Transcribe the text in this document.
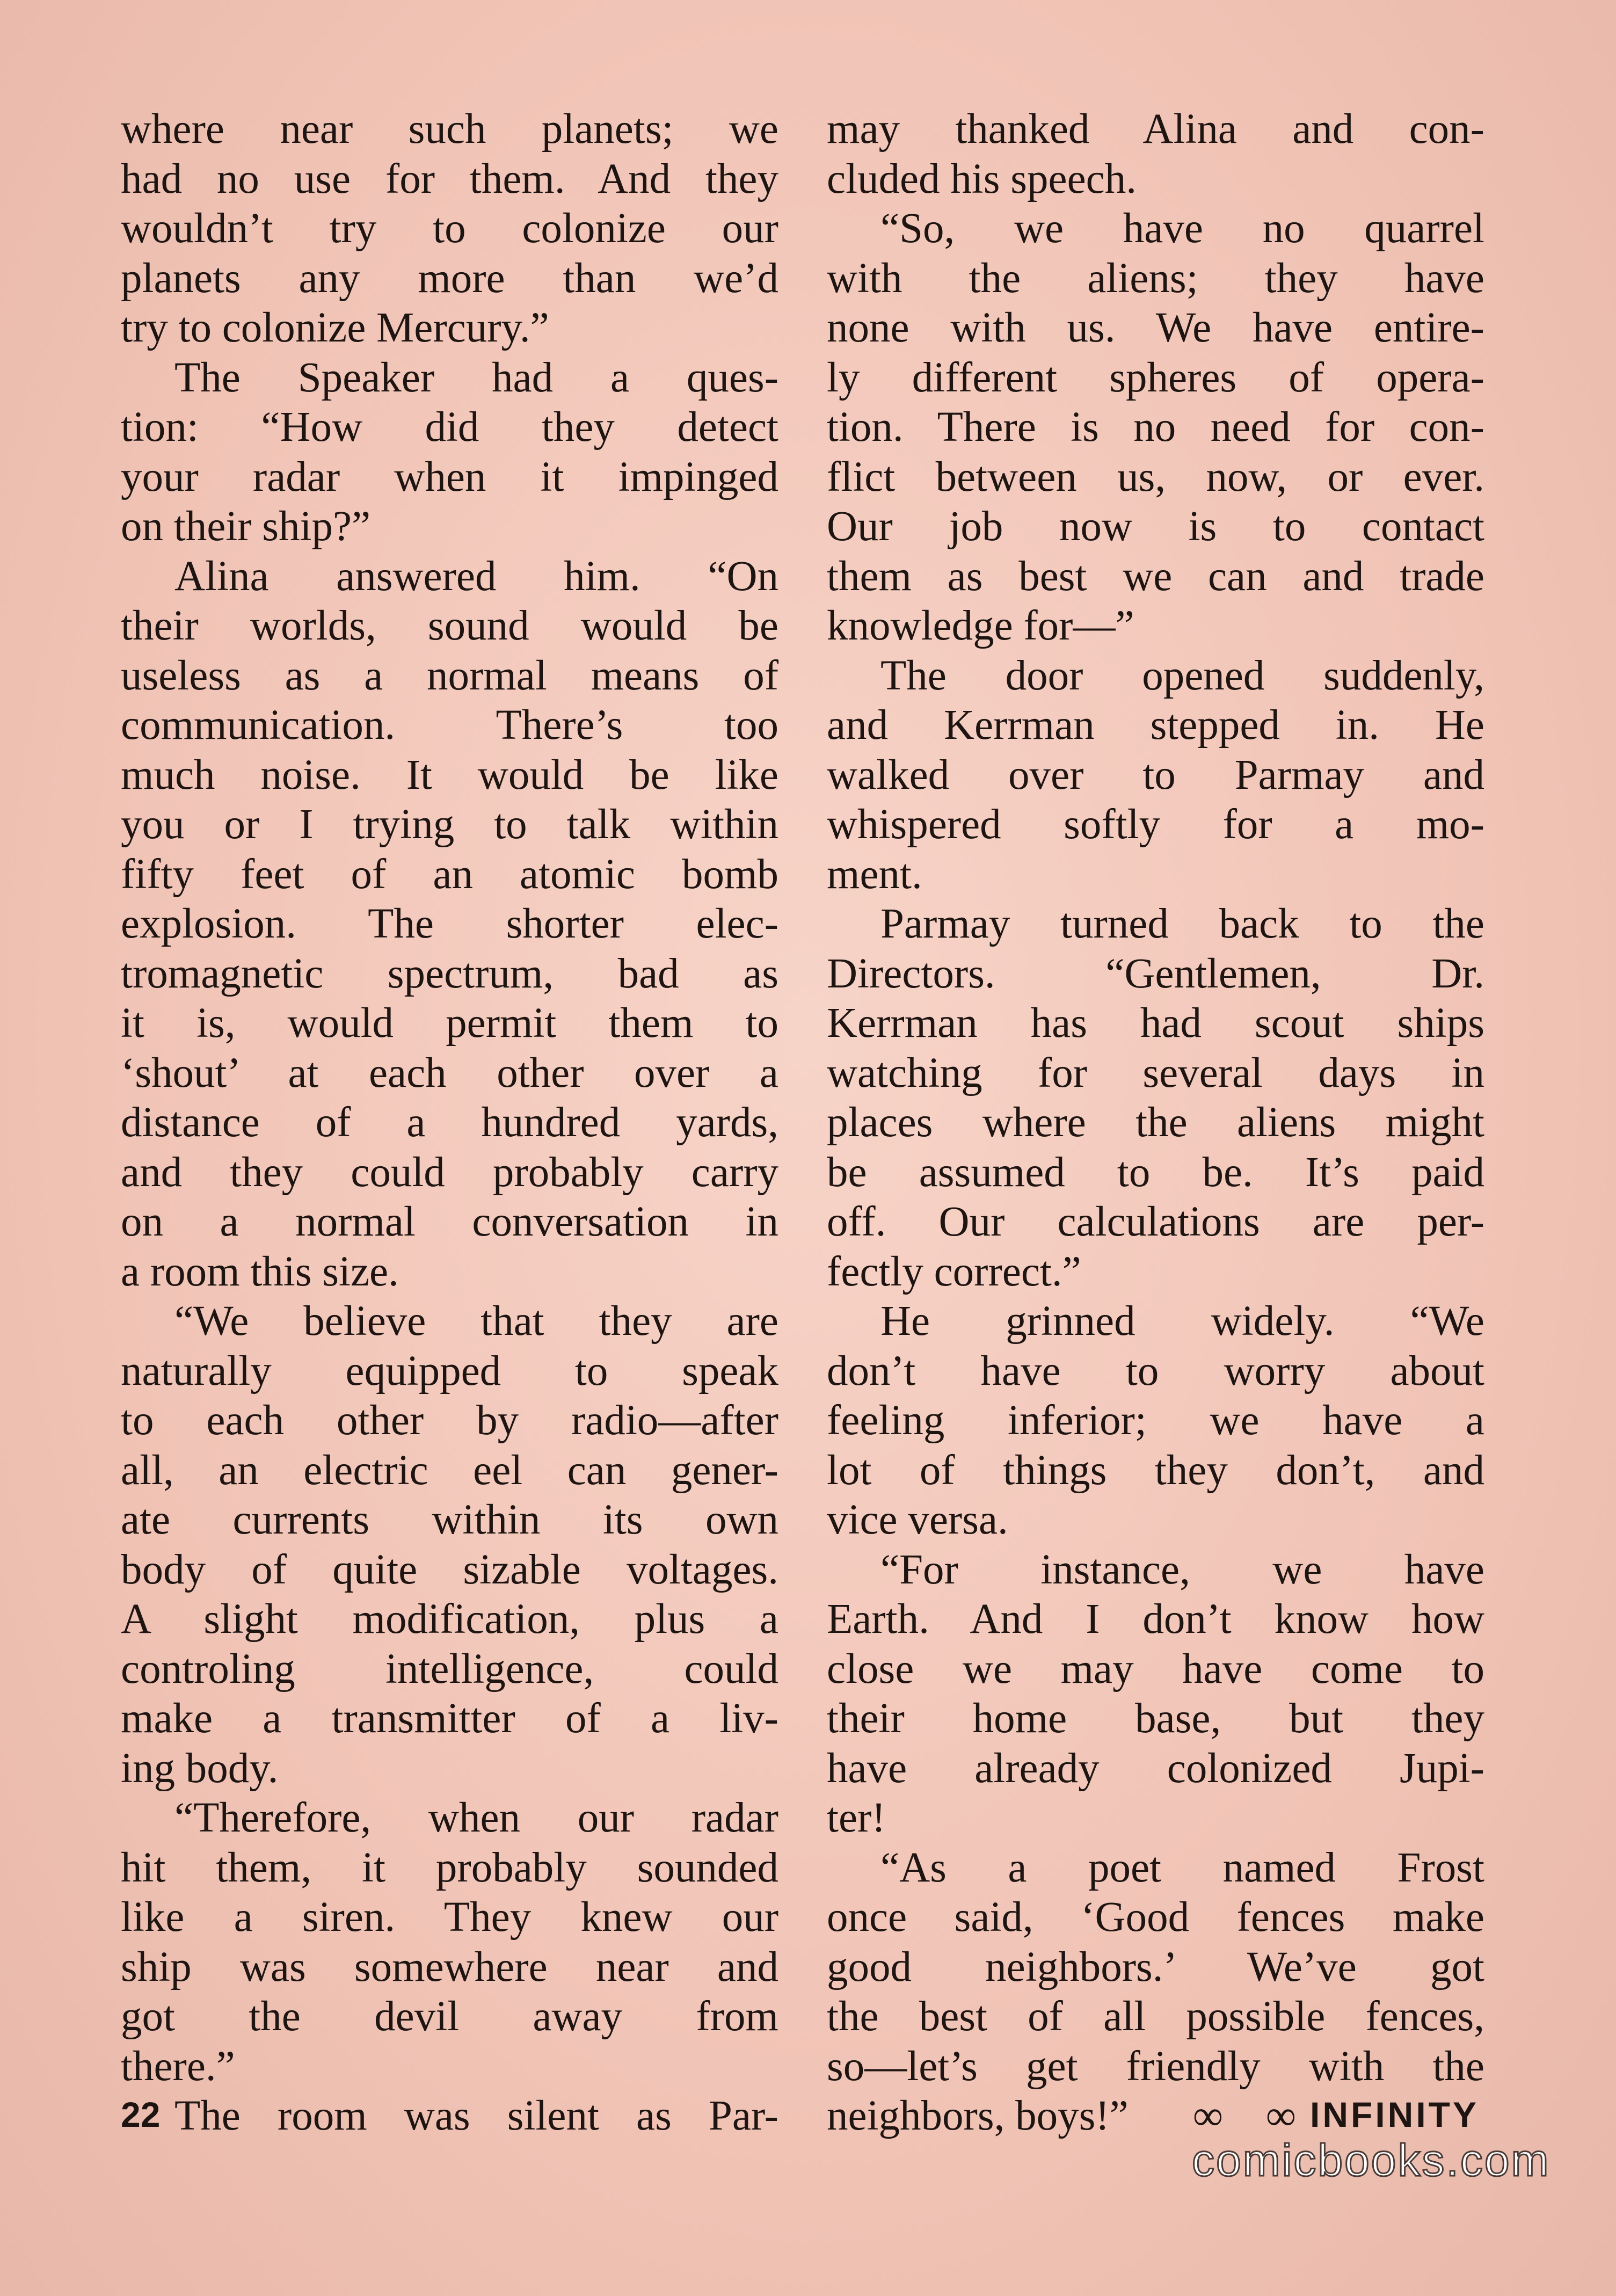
where near such planets; we
had no use for them. And they
wouldn’t try to colonize our
planets any more than we’d
try to colonize Mercury.”
The Speaker had a ques-
tion: “How did they detect
your radar when it impinged
on their ship?”
Alina answered him. “On
their worlds, sound would be
useless as a normal means of
communication. There’s too
much noise. It would be like
you or I trying to talk within
fifty feet of an atomic bomb
explosion. The shorter elec-
tromagnetic spectrum, bad as
it is, would permit them to
‘shout’ at each other over a
distance of a hundred yards,
and they could probably carry
on a normal conversation in
a room this size.
“We believe that they are
naturally equipped to speak
to each other by radio—after
all, an electric eel can gener-
ate currents within its own
body of quite sizable voltages.
A slight modification, plus a
controling intelligence, could
make a transmitter of a liv-
ing body.
“Therefore, when our radar
hit them, it probably sounded
like a siren. They knew our
ship was somewhere near and
got the devil away from
there.”
The room was silent as Par-
may thanked Alina and con-
cluded his speech.
“So, we have no quarrel
with the aliens; they have
none with us. We have entire-
ly different spheres of opera-
tion. There is no need for con-
flict between us, now, or ever.
Our job now is to contact
them as best we can and trade
knowledge for—”
The door opened suddenly,
and Kerrman stepped in. He
walked over to Parmay and
whispered softly for a mo-
ment.
Parmay turned back to the
Directors. “Gentlemen, Dr.
Kerrman has had scout ships
watching for several days in
places where the aliens might
be assumed to be. It’s paid
off. Our calculations are per-
fectly correct.”
He grinned widely. “We
don’t have to worry about
feeling inferior; we have a
lot of things they don’t, and
vice versa.
“For instance, we have
Earth. And I don’t know how
close we may have come to
their home base, but they
have already colonized Jupi-
ter!
“As a poet named Frost
once said, ‘Good fences make
good neighbors.’ We’ve got
the best of all possible fences,
so—let’s get friendly with the
neighbors, boys!” ∞ ∞
22	INFINITY
comicbooks.com
